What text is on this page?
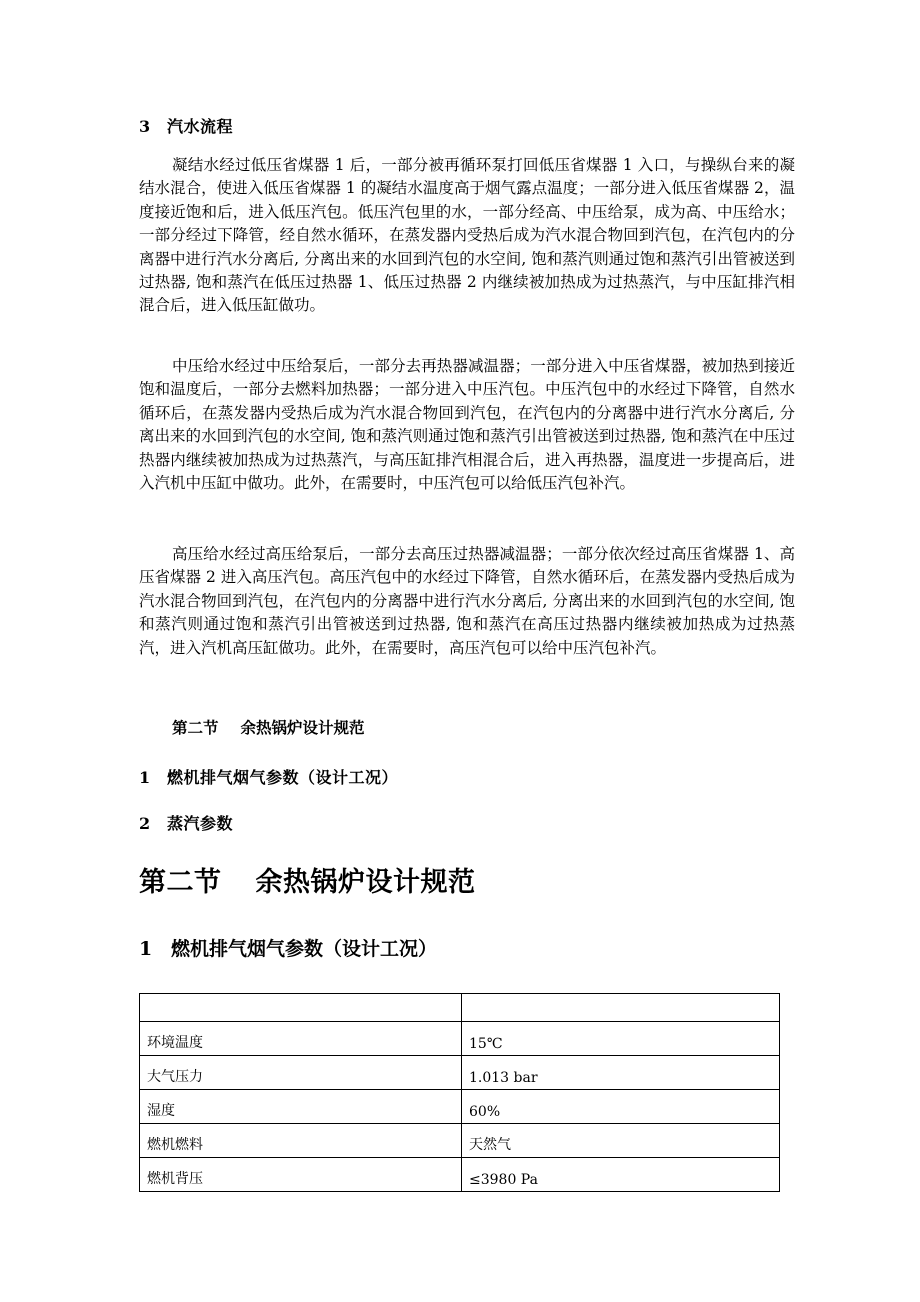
3 汽水流程

凝结水经过低压省煤器 1 后，一部分被再循环泵打回低压省煤器 1 入口，与操纵台来的凝结水混合，使进入低压省煤器 1 的凝结水温度高于烟气露点温度；一部分进入低压省煤器 2，温度接近饱和后，进入低压汽包。低压汽包里的水，一部分经高、中压给泵，成为高、中压给水；一部分经过下降管，经自然水循环，在蒸发器内受热后成为汽水混合物回到汽包，在汽包内的分离器中进行汽水分离后, 分离出来的水回到汽包的水空间, 饱和蒸汽则通过饱和蒸汽引出管被送到过热器, 饱和蒸汽在低压过热器 1、低压过热器 2 内继续被加热成为过热蒸汽，与中压缸排汽相混合后，进入低压缸做功。

中压给水经过中压给泵后，一部分去再热器减温器；一部分进入中压省煤器，被加热到接近饱和温度后，一部分去燃料加热器；一部分进入中压汽包。中压汽包中的水经过下降管，自然水循环后，在蒸发器内受热后成为汽水混合物回到汽包，在汽包内的分离器中进行汽水分离后, 分离出来的水回到汽包的水空间, 饱和蒸汽则通过饱和蒸汽引出管被送到过热器, 饱和蒸汽在中压过热器内继续被加热成为过热蒸汽，与高压缸排汽相混合后，进入再热器，温度进一步提高后，进入汽机中压缸中做功。此外，在需要时，中压汽包可以给低压汽包补汽。

高压给水经过高压给泵后，一部分去高压过热器减温器；一部分依次经过高压省煤器 1、高压省煤器 2 进入高压汽包。高压汽包中的水经过下降管，自然水循环后，在蒸发器内受热后成为汽水混合物回到汽包，在汽包内的分离器中进行汽水分离后, 分离出来的水回到汽包的水空间, 饱和蒸汽则通过饱和蒸汽引出管被送到过热器, 饱和蒸汽在高压过热器内继续被加热成为过热蒸汽，进入汽机高压缸做功。此外，在需要时，高压汽包可以给中压汽包补汽。

第二节 余热锅炉设计规范
1 燃机排气烟气参数（设计工况）
2 蒸汽参数
第二节 余热锅炉设计规范
1 燃机排气烟气参数（设计工况）

环境温度	15℃
大气压力	1.013 bar
湿度	60%
燃机燃料	天然气
燃机背压	≤3980 Pa
